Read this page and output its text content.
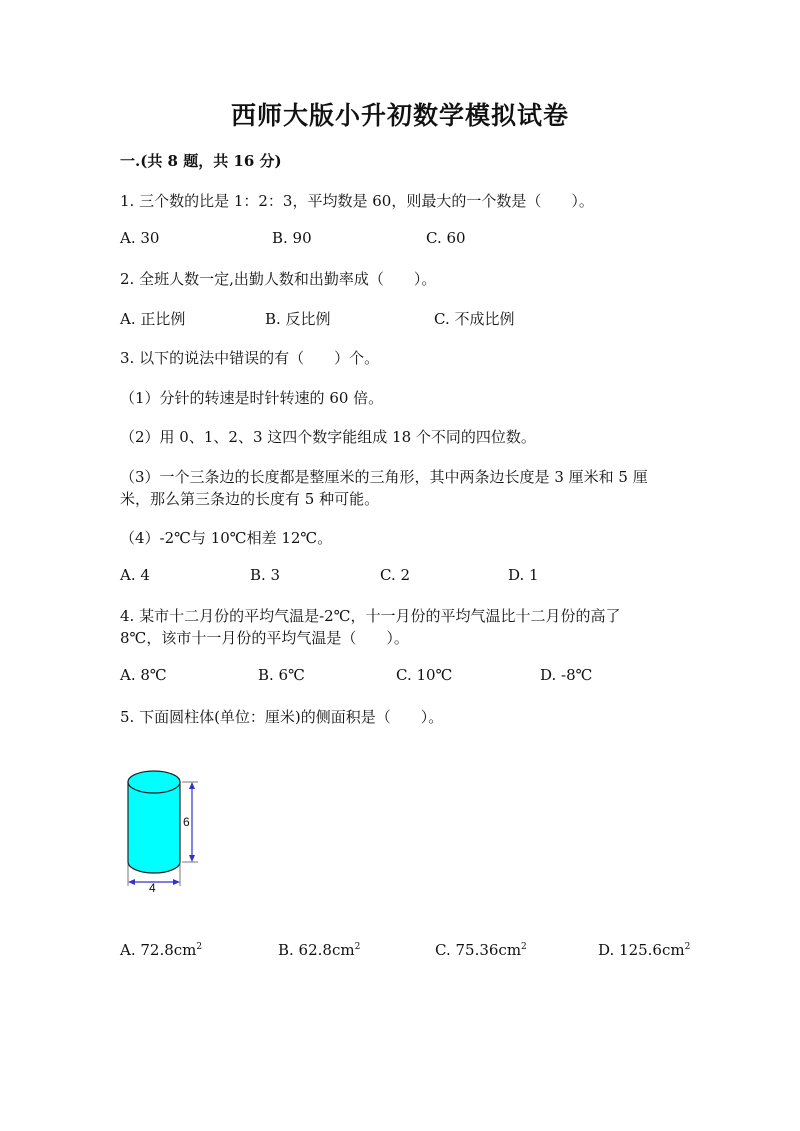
西师大版小升初数学模拟试卷
一.(共 8 题，共 16 分)
1. 三个数的比是 1：2：3，平均数是 60，则最大的一个数是（　　）。
A. 30	B. 90	C. 60
2. 全班人数一定,出勤人数和出勤率成（　　）。
A. 正比例	B. 反比例	C. 不成比例
3. 以下的说法中错误的有（　　）个。
（1）分针的转速是时针转速的 60 倍。
（2）用 0、1、2、3 这四个数字能组成 18 个不同的四位数。
（3）一个三条边的长度都是整厘米的三角形，其中两条边长度是 3 厘米和 5 厘
米，那么第三条边的长度有 5 种可能。
（4）-2℃与 10℃相差 12℃。
A. 4	B. 3	C. 2	D. 1
4. 某市十二月份的平均气温是-2℃，十一月份的平均气温比十二月份的高了
8℃，该市十一月份的平均气温是（　　）。
A. 8℃	B. 6℃	C. 10℃	D. -8℃
5. 下面圆柱体(单位：厘米)的侧面积是（　　）。
6
4
A. $72.8cm^2$	B. $62.8cm^2$	C. $75.36cm^2$	D. $125.6cm^2$
